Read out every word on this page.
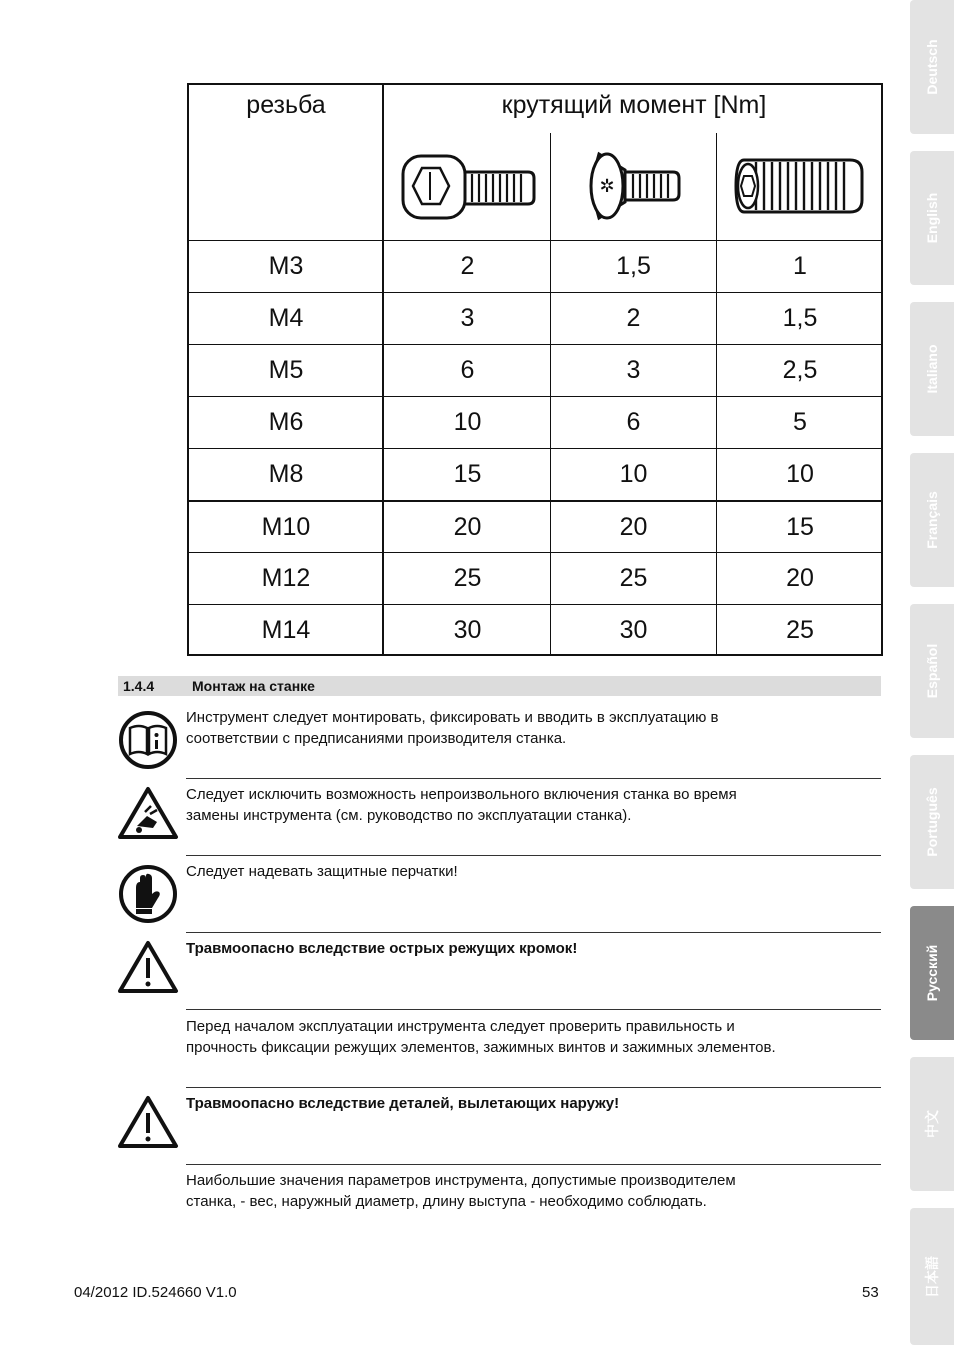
резьба	крутящий момент [Nm]
✲
M3	2	1,5	1
M4	3	2	1,5
M5	6	3	2,5
M6	10	6	5
M8	15	10	10
M10	20	20	15
M12	25	25	20
M14	30	30	25
1.4.4	Монтаж на станке
Инструмент следует монтировать, фиксировать и вводить в эксплуатацию в
соответствии с предписаниями производителя станка.
Следует исключить возможность непроизвольного включения станка во время
замены инструмента (см. руководство по эксплуатации станка).
Следует надевать защитные перчатки!
Травмоопасно вследствие острых режущих кромок!
Перед началом эксплуатации инструмента следует проверить правильность и
прочность фиксации режущих элементов, зажимных винтов и зажимных элементов.
Травмоопасно вследствие деталей, вылетающих наружу!
Наибольшие значения параметров инструмента, допустимые производителем
станка, - вес, наружный диаметр, длину выступа - необходимо соблюдать.
04/2012 ID.524660 V1.0	53
Deutsch
English
Italiano
Français
Español
Português
Русский
中文
日本語
